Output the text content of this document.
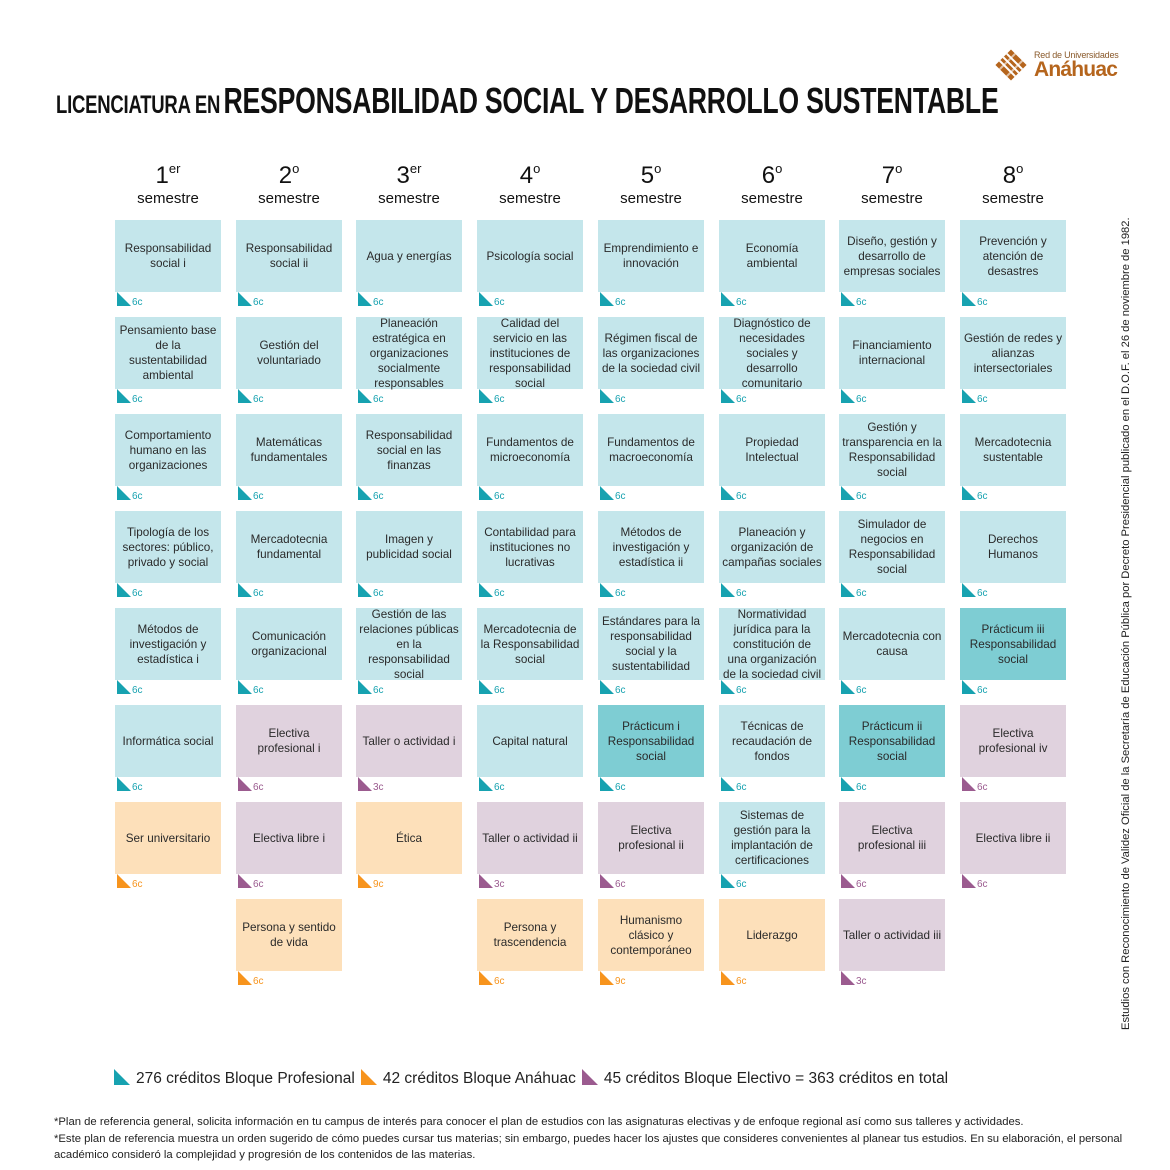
Red de Universidades
Anáhuac
LICENCIATURA EN RESPONSABILIDAD SOCIAL Y DESARROLLO SUSTENTABLE
1er
semestre
Responsabilidad social i
6c
Pensamiento base de la sustentabilidad ambiental
6c
Comportamiento humano en las organizaciones
6c
Tipología de los sectores: público, privado y social
6c
Métodos de investigación y estadística i
6c
Informática social
6c
Ser universitario
6c
2$^o$
semestre
Responsabilidad social ii
6c
Gestión del voluntariado
6c
Matemáticas fundamentales
6c
Mercadotecnia fundamental
6c
Comunicación organizacional
6c
Electiva profesional i
6c
Electiva libre i
6c
Persona y sentido de vida
6c
3er
semestre
Agua y energías
6c
Planeación estratégica en organizaciones socialmente responsables
6c
Responsabilidad social en las finanzas
6c
Imagen y publicidad social
6c
Gestión de las relaciones públicas en la responsabilidad social
6c
Taller o actividad i
3c
Ética
9c
4$^o$
semestre
Psicología social
6c
Calidad del servicio en las instituciones de responsabilidad social
6c
Fundamentos de microeconomía
6c
Contabilidad para instituciones no lucrativas
6c
Mercadotecnia de la Responsabilidad social
6c
Capital natural
6c
Taller o actividad ii
3c
Persona y trascendencia
6c
5$^o$
semestre
Emprendimiento e innovación
6c
Régimen fiscal de las organizaciones de la sociedad civil
6c
Fundamentos de macroeconomía
6c
Métodos de investigación y estadística ii
6c
Estándares para la responsabilidad social y la sustentabilidad
6c
Prácticum i Responsabilidad social
6c
Electiva profesional ii
6c
Humanismo clásico y contemporáneo
9c
6$^o$
semestre
Economía ambiental
6c
Diagnóstico de necesidades sociales y desarrollo comunitario
6c
Propiedad Intelectual
6c
Planeación y organización de campañas sociales
6c
Normatividad jurídica para la constitución de una organización de la sociedad civil
6c
Técnicas de recaudación de fondos
6c
Sistemas de gestión para la implantación de certificaciones
6c
Liderazgo
6c
7$^o$
semestre
Diseño, gestión y desarrollo de empresas sociales
6c
Financiamiento internacional
6c
Gestión y transparencia en la Responsabilidad social
6c
Simulador de negocios en Responsabilidad social
6c
Mercadotecnia con causa
6c
Prácticum ii Responsabilidad social
6c
Electiva profesional iii
6c
Taller o actividad iii
3c
8$^o$
semestre
Prevención y atención de desastres
6c
Gestión de redes y alianzas intersectoriales
6c
Mercadotecnia sustentable
6c
Derechos Humanos
6c
Prácticum iii Responsabilidad social
6c
Electiva profesional iv
6c
Electiva libre ii
6c
276 créditos Bloque Profesional 42 créditos Bloque Anáhuac 45 créditos Bloque Electivo = 363 créditos en total
Estudios con Reconocimiento de Validez Oficial de la Secretaría de Educación Pública por Decreto Presidencial publicado en el D.O.F. el 26 de noviembre de 1982.
*Plan de referencia general, solicita información en tu campus de interés para conocer el plan de estudios con las asignaturas electivas y de enfoque regional así como sus talleres y actividades.
*Este plan de referencia muestra un orden sugerido de cómo puedes cursar tus materias; sin embargo, puedes hacer los ajustes que consideres convenientes al planear tus estudios. En su elaboración, el personal académico consideró la complejidad y progresión de los contenidos de las materias.
